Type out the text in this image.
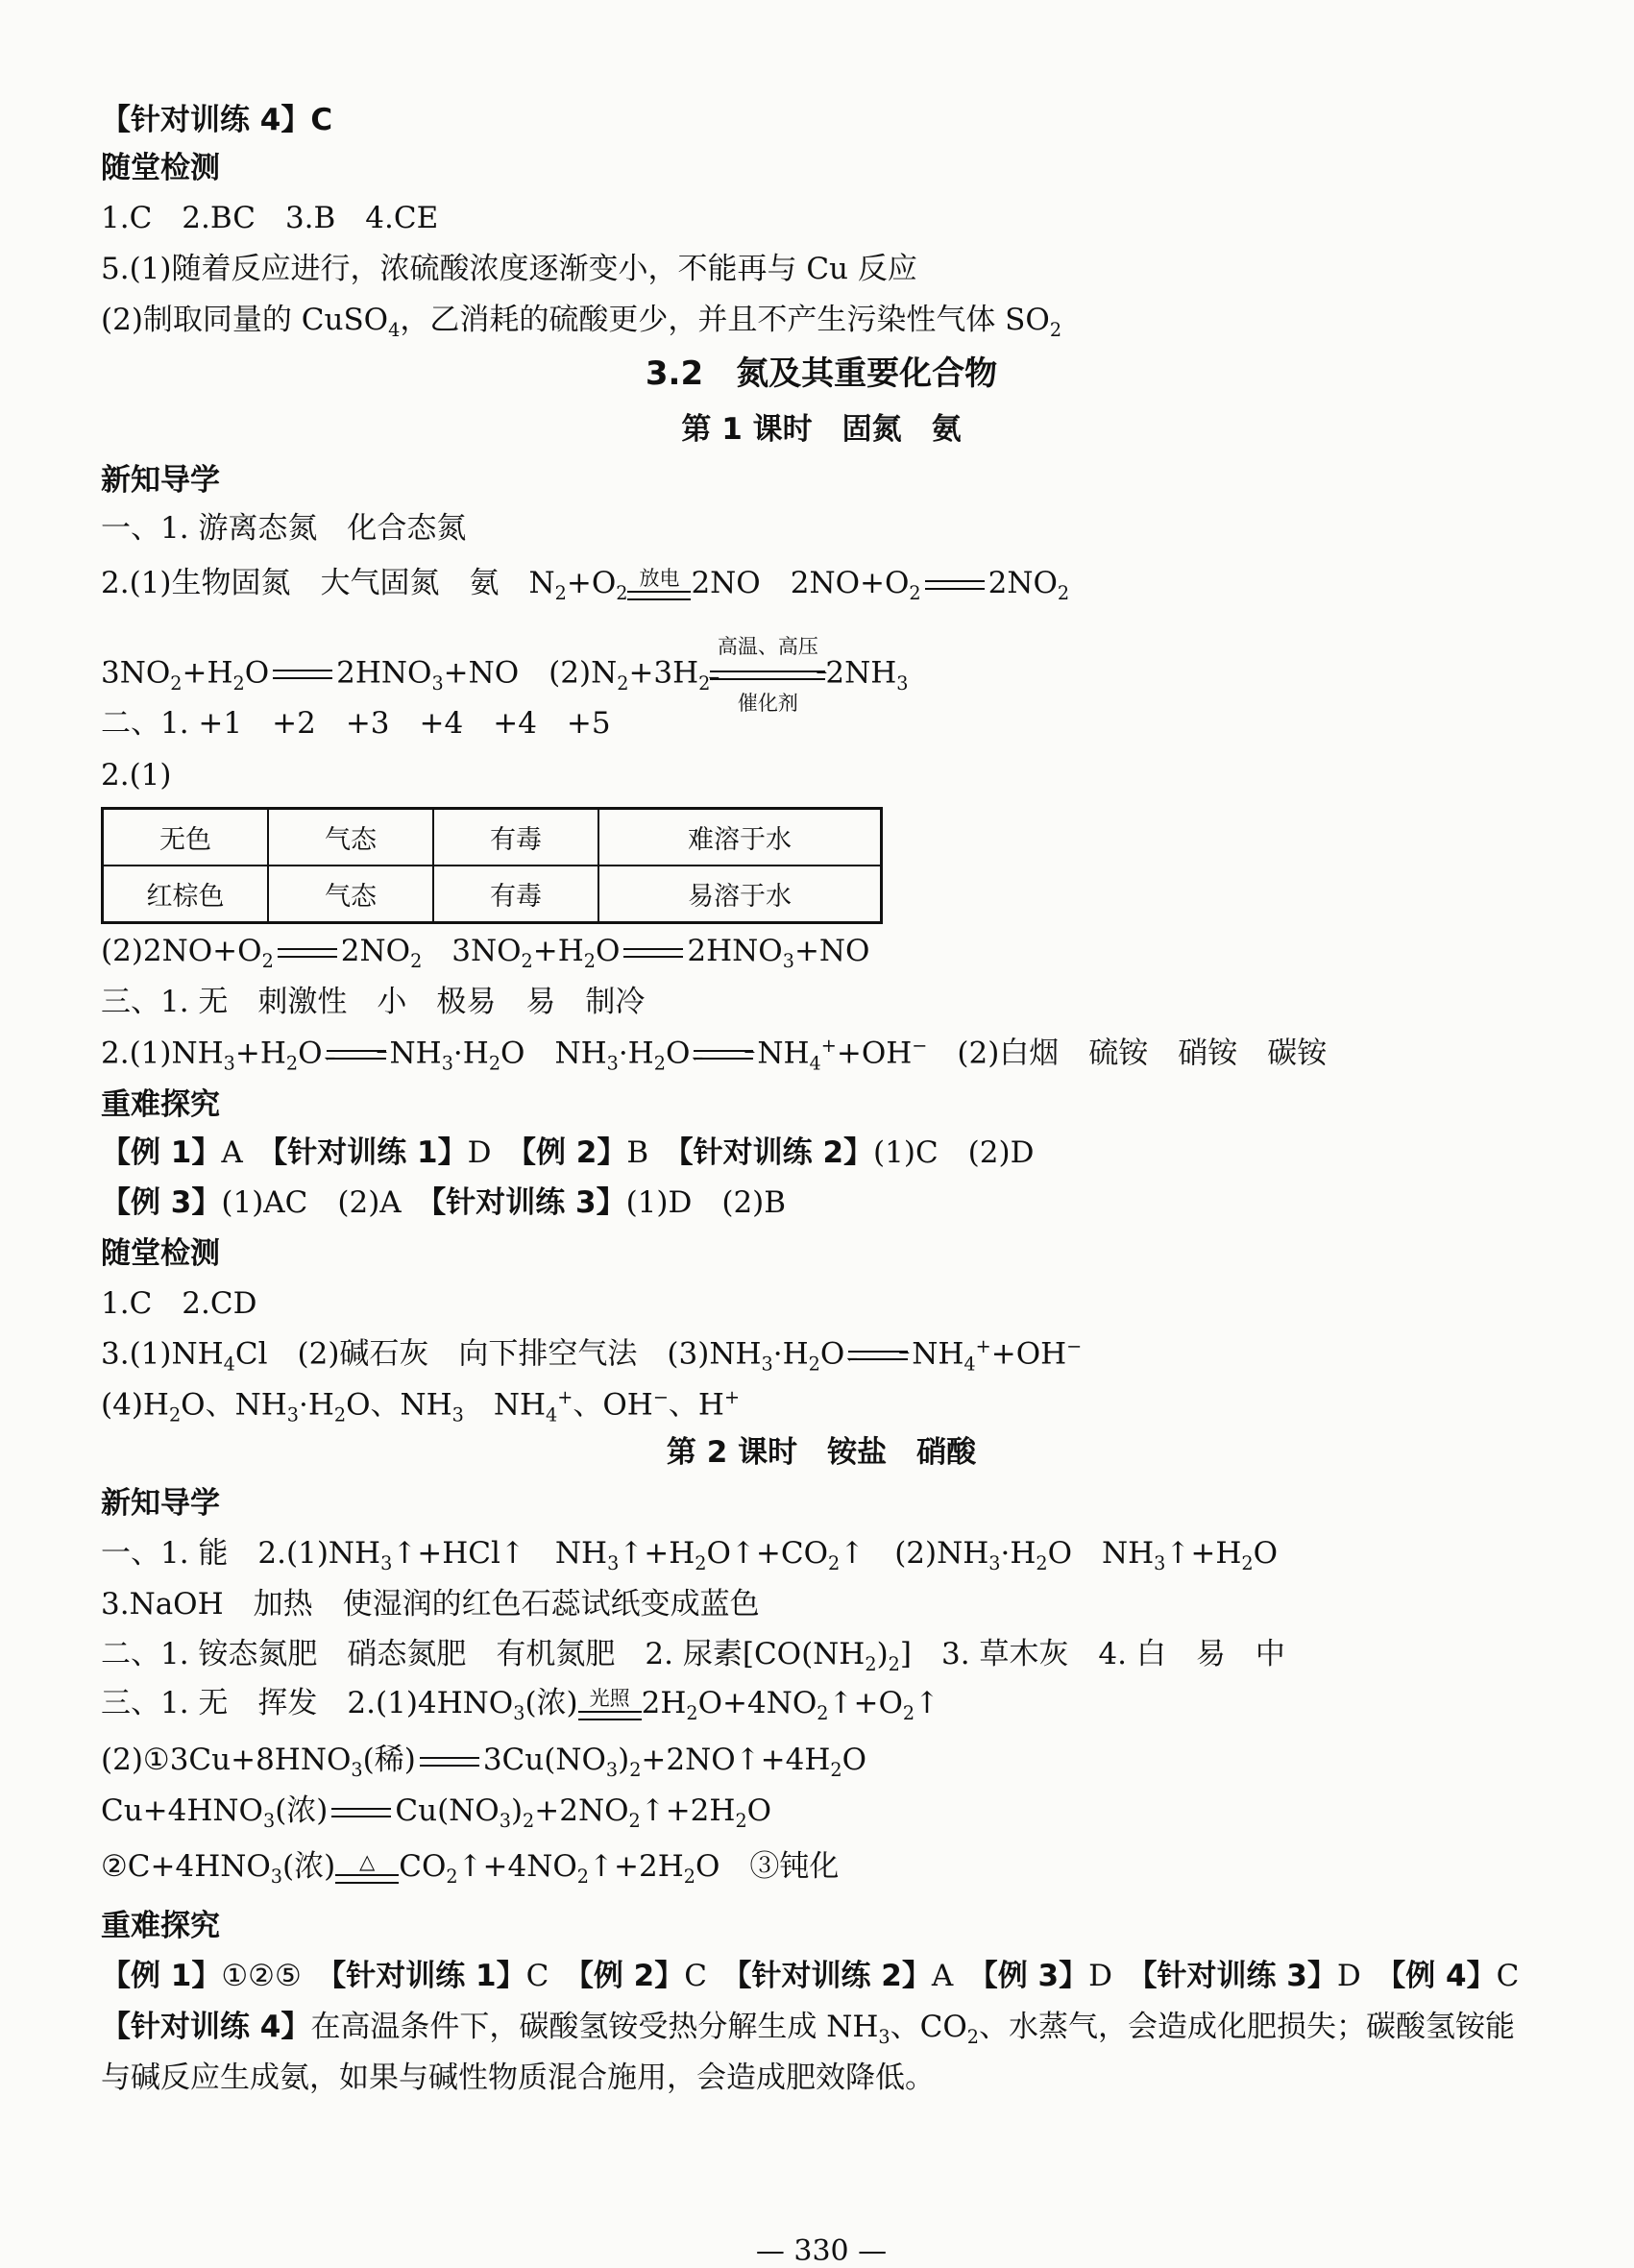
【针对训练 4】C
随堂检测
1.C　2.BC　3.B　4.CE
5.(1)随着反应进行，浓硫酸浓度逐渐变小，不能再与 Cu 反应
(2)制取同量的 CuSO$_4$，乙消耗的硫酸更少，并且不产生污染性气体 $SO_2$
3.2　氮及其重要化合物
第 1 课时　固氮　氨
新知导学
一、1. 游离态氮　化合态氮
2.(1)生物固氮　大气固氮　氨　$N_2+O_2$
放电 2NO　$2NO+O_2$ $2NO_2$
$3NO_2+H_2O$ $2HNO_3+NO$　$(2)N_2+3H_2$
高温、高压
⇀
↽
催化剂
$2NH_3$
二、1. +1　+2　+3　+4　+4　+5
2.(1)
无色	气态	有毒	难溶于水
红棕色	气态	有毒	易溶于水
$(2)2NO+O_2$ $2NO_2$　$3NO_2+H_2O$ $2HNO_3+NO$
三、1. 无　刺激性　小　极易　易　制冷
$2.(1)NH_3+H_2O$	⇀
↽ $NH_3\cdot H_2O$　$NH_3\cdot H_2O$	⇀
↽ $NH_4^++OH^-$　(2)白烟　硫铵　硝铵　碳铵
重难探究
【例 1】A　【针对训练 1】D　【例 2】B　【针对训练 2】(1)C　(2)D
【例 3】(1)AC　(2)A　【针对训练 3】(1)D　(2)B
随堂检测
1.C　2.CD
$3.(1)NH_4Cl$　(2)碱石灰　向下排空气法　$(3)NH_3\cdot H_2O$	⇀
↽ $NH_4^++OH^-$
$(4)H_2O$、$NH_3\cdot H_2O$、$NH_3$　$NH_4^+$、OH−、H+
第 2 课时　铵盐　硝酸
新知导学
一、1. 能　$2.(1)NH_3↑+HCl↑$　$NH_3↑+H_2O↑+CO_2↑$　$(2)NH_3\cdot H_2O$　$NH_3↑+H_2O$
3.NaOH　加热　使湿润的红色石蕊试纸变成蓝色
二、1. 铵态氮肥　硝态氮肥　有机氮肥　2. 尿素$[CO(NH_2)_2]$　3. 草木灰　4. 白　易　中
三、1. 无　挥发　$2.(1)4HNO_3$(浓) 光照 $2H_2O+4NO_2↑+O_2↑$
$(2)①3Cu+8HNO_3$(稀) $3Cu(NO_3)_2+2NO↑+4H_2O$
$Cu+4HNO_3$(浓) $Cu(NO_3)_2+2NO_2↑+2H_2O$
$②C+4HNO_3$(浓)	△ $CO_2↑+4NO_2↑+2H_2O$　③钝化
重难探究
【例 1】①②⑤　【针对训练 1】C　【例 2】C　【针对训练 2】A　【例 3】D　【针对训练 3】D　【例 4】C
【针对训练 4】在高温条件下，碳酸氢铵受热分解生成 $NH_3$、$CO_2$、水蒸气，会造成化肥损失；碳酸氢铵能
与碱反应生成氨，如果与碱性物质混合施用，会造成肥效降低。
— 330 —
